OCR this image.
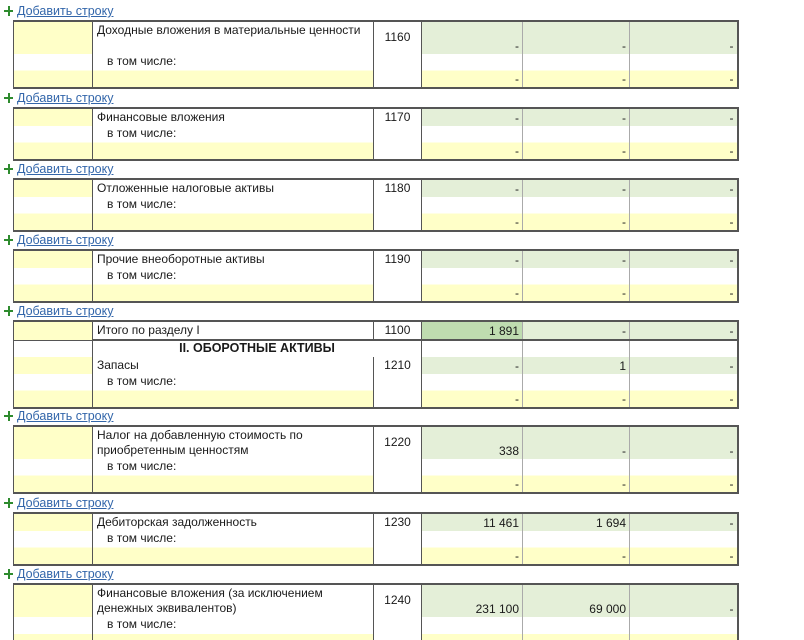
Добавить строку
	Доходные вложения в материальные ценности	1160	-	-	-

	в том числе:		-	-	-
Добавить строку
	Финансовые вложения	1170	-	-	-

	в том числе:		-	-	-
Добавить строку
	Отложенные налоговые активы	1180	-	-	-

	в том числе:		-	-	-
Добавить строку
	Прочие внеоборотные активы	1190	-	-	-

	в том числе:		-	-	-
Добавить строку
	Итого по разделу I	1100	1 891	-	-
	II. ОБОРОТНЫЕ АКТИВЫ				
	Запасы	1210	-	1	-

	в том числе:		-	-	-
Добавить строку
	Налог на добавленную стоимость по приобретенным ценностям	1220	338	-	-

	в том числе:		-	-	-
Добавить строку
	Дебиторская задолженность	1230	11 461	1 694	-

	в том числе:		-	-	-
Добавить строку
	Финансовые вложения (за исключением денежных эквивалентов)	1240	231 100	69 000	-

	в том числе:				
